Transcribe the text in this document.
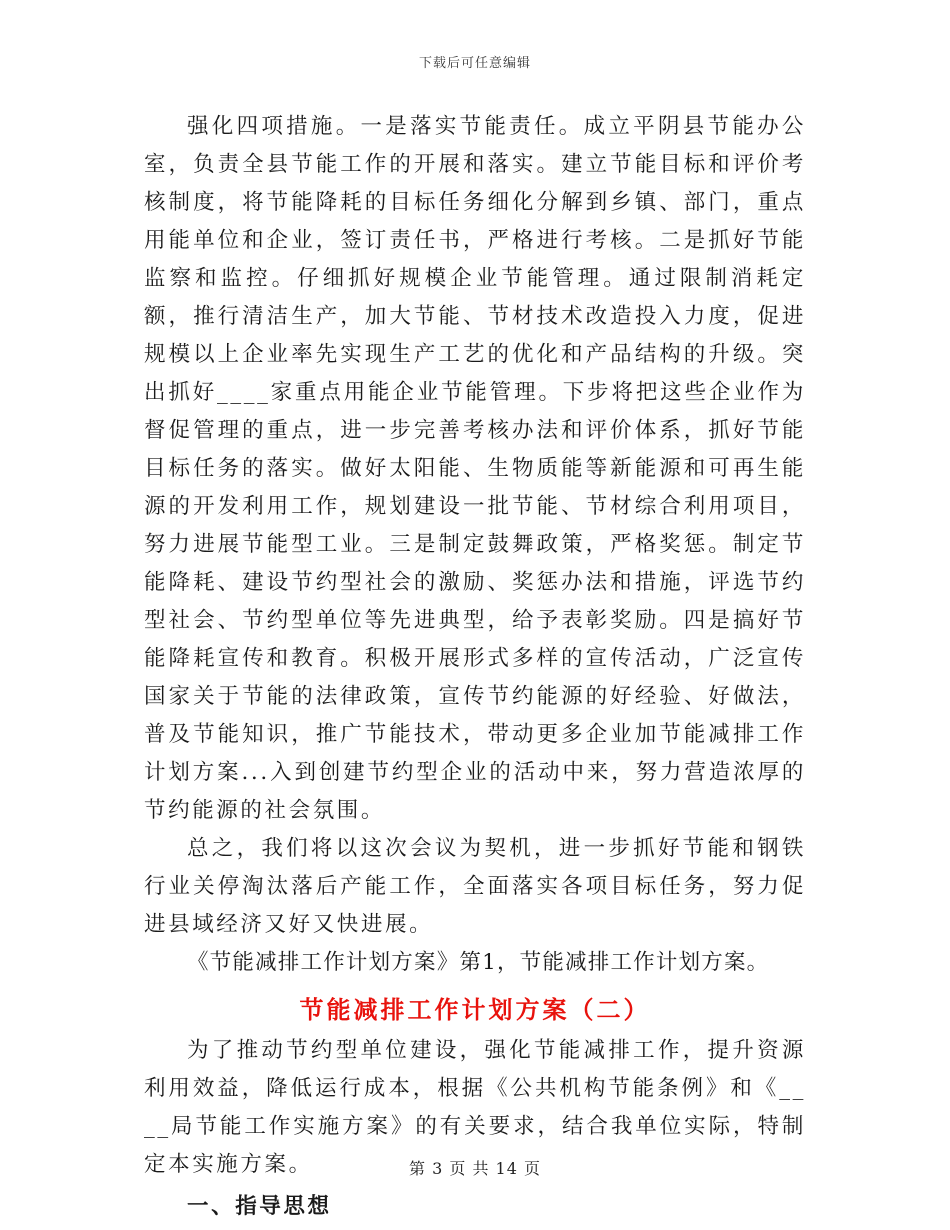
下载后可任意编辑

强化四项措施。一是落实节能责任。成立平阴县节能办公室，负责全县节能工作的开展和落实。建立节能目标和评价考核制度，将节能降耗的目标任务细化分解到乡镇、部门，重点用能单位和企业，签订责任书，严格进行考核。二是抓好节能监察和监控。仔细抓好规模企业节能管理。通过限制消耗定额，推行清洁生产，加大节能、节材技术改造投入力度，促进规模以上企业率先实现生产工艺的优化和产品结构的升级。突出抓好____家重点用能企业节能管理。下步将把这些企业作为督促管理的重点，进一步完善考核办法和评价体系，抓好节能目标任务的落实。做好太阳能、生物质能等新能源和可再生能源的开发利用工作，规划建设一批节能、节材综合利用项目，努力进展节能型工业。三是制定鼓舞政策，严格奖惩。制定节能降耗、建设节约型社会的激励、奖惩办法和措施，评选节约型社会、节约型单位等先进典型，给予表彰奖励。四是搞好节能降耗宣传和教育。积极开展形式多样的宣传活动，广泛宣传国家关于节能的法律政策，宣传节约能源的好经验、好做法，普及节能知识，推广节能技术，带动更多企业加节能减排工作计划方案...入到创建节约型企业的活动中来，努力营造浓厚的节约能源的社会氛围。

总之，我们将以这次会议为契机，进一步抓好节能和钢铁行业关停淘汰落后产能工作，全面落实各项目标任务，努力促进县域经济又好又快进展。

《节能减排工作计划方案》第1，节能减排工作计划方案。

节能减排工作计划方案（二）

为了推动节约型单位建设，强化节能减排工作，提升资源利用效益，降低运行成本，根据《公共机构节能条例》和《____局节能工作实施方案》的有关要求，结合我单位实际，特制定本实施方案。

一、指导思想
第 3 页 共 14 页
